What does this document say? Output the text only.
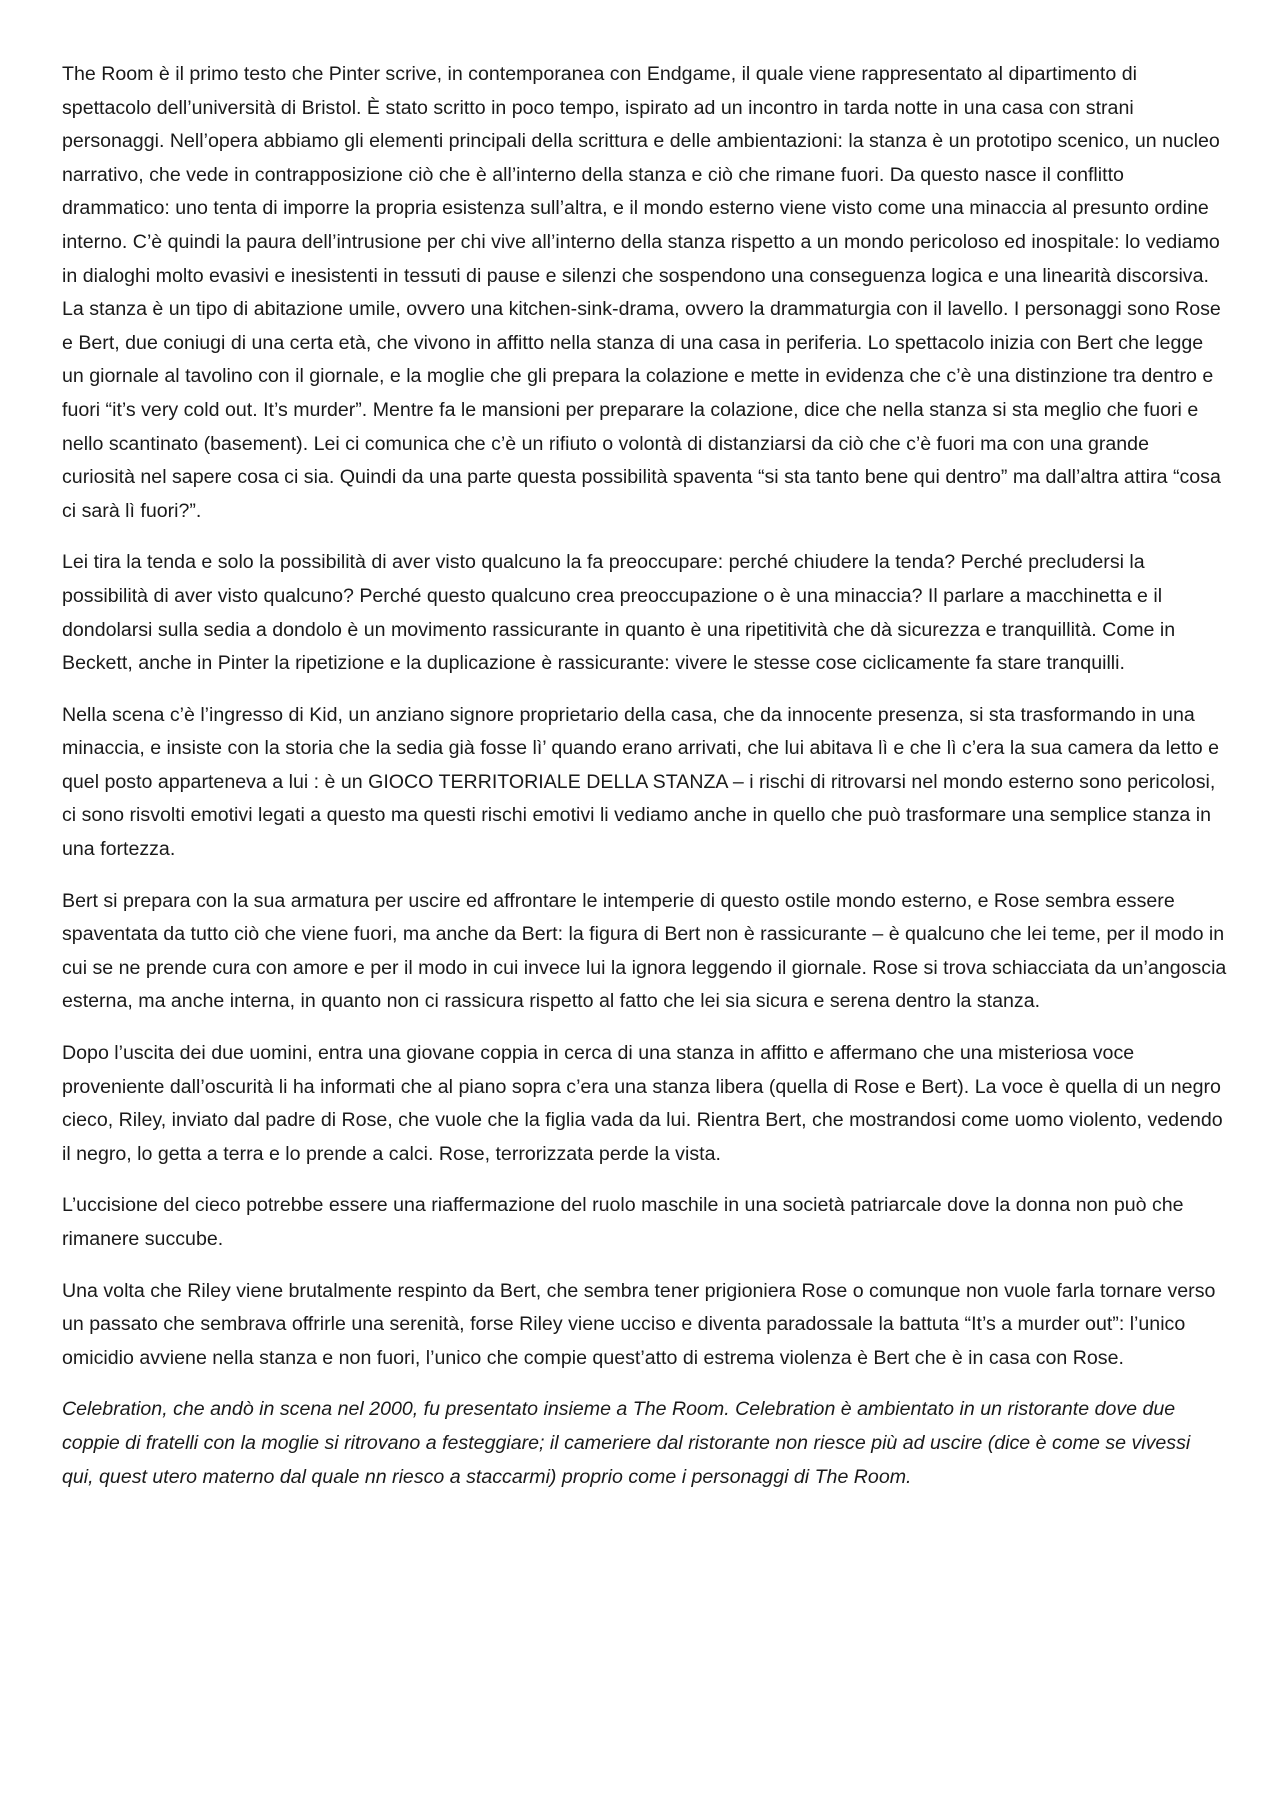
The Room è il primo testo che Pinter scrive, in contemporanea con Endgame, il quale viene rappresentato al dipartimento di spettacolo dell’università di Bristol. È stato scritto in poco tempo, ispirato ad un incontro in tarda notte in una casa con strani personaggi. Nell’opera abbiamo gli elementi principali della scrittura e delle ambientazioni: la stanza è un prototipo scenico, un nucleo narrativo, che vede in contrapposizione ciò che è all’interno della stanza e ciò che rimane fuori. Da questo nasce il conflitto drammatico: uno tenta di imporre la propria esistenza sull’altra, e il mondo esterno viene visto come una minaccia al presunto ordine interno. C’è quindi la paura dell’intrusione per chi vive all’interno della stanza rispetto a un mondo pericoloso ed inospitale: lo vediamo in dialoghi molto evasivi e inesistenti in tessuti di pause e silenzi che sospendono una conseguenza logica e una linearità discorsiva. La stanza è un tipo di abitazione umile, ovvero una kitchen-sink-drama, ovvero la drammaturgia con il lavello. I personaggi sono Rose e Bert, due coniugi di una certa età, che vivono in affitto nella stanza di una casa in periferia. Lo spettacolo inizia con Bert che legge un giornale al tavolino con il giornale, e la moglie che gli prepara la colazione e mette in evidenza che c’è una distinzione tra dentro e fuori “it’s very cold out. It’s murder”. Mentre fa le mansioni per preparare la colazione, dice che nella stanza si sta meglio che fuori e nello scantinato (basement). Lei ci comunica che c’è un rifiuto o volontà di distanziarsi da ciò che c’è fuori ma con una grande curiosità nel sapere cosa ci sia. Quindi da una parte questa possibilità spaventa “si sta tanto bene qui dentro” ma dall’altra attira “cosa ci sarà lì fuori?”.

Lei tira la tenda e solo la possibilità di aver visto qualcuno la fa preoccupare: perché chiudere la tenda? Perché precludersi la possibilità di aver visto qualcuno? Perché questo qualcuno crea preoccupazione o è una minaccia? Il parlare a macchinetta e il dondolarsi sulla sedia a dondolo è un movimento rassicurante in quanto è una ripetitività che dà sicurezza e tranquillità. Come in Beckett, anche in Pinter la ripetizione e la duplicazione è rassicurante: vivere le stesse cose ciclicamente fa stare tranquilli.

Nella scena c’è l’ingresso di Kid, un anziano signore proprietario della casa, che da innocente presenza, si sta trasformando in una minaccia, e insiste con la storia che la sedia già fosse lì’ quando erano arrivati, che lui abitava lì e che lì c’era la sua camera da letto e quel posto apparteneva a lui : è un GIOCO TERRITORIALE DELLA STANZA – i rischi di ritrovarsi nel mondo esterno sono pericolosi, ci sono risvolti emotivi legati a questo ma questi rischi emotivi li vediamo anche in quello che può trasformare una semplice stanza in una fortezza.

Bert si prepara con la sua armatura per uscire ed affrontare le intemperie di questo ostile mondo esterno, e Rose sembra essere spaventata da tutto ciò che viene fuori, ma anche da Bert: la figura di Bert non è rassicurante – è qualcuno che lei teme, per il modo in cui se ne prende cura con amore e per il modo in cui invece lui la ignora leggendo il giornale. Rose si trova schiacciata da un’angoscia esterna, ma anche interna, in quanto non ci rassicura rispetto al fatto che lei sia sicura e serena dentro la stanza.

Dopo l’uscita dei due uomini, entra una giovane coppia in cerca di una stanza in affitto e affermano che una misteriosa voce proveniente dall’oscurità li ha informati che al piano sopra c’era una stanza libera (quella di Rose e Bert). La voce è quella di un negro cieco, Riley, inviato dal padre di Rose, che vuole che la figlia vada da lui. Rientra Bert, che mostrandosi come uomo violento, vedendo il negro, lo getta a terra e lo prende a calci. Rose, terrorizzata perde la vista.

L’uccisione del cieco potrebbe essere una riaffermazione del ruolo maschile in una società patriarcale dove la donna non può che rimanere succube.

Una volta che Riley viene brutalmente respinto da Bert, che sembra tener prigioniera Rose o comunque non vuole farla tornare verso un passato che sembrava offrirle una serenità, forse Riley viene ucciso e diventa paradossale la battuta “It’s a murder out”: l’unico omicidio avviene nella stanza e non fuori, l’unico che compie quest’atto di estrema violenza è Bert che è in casa con Rose.

Celebration, che andò in scena nel 2000, fu presentato insieme a The Room. Celebration è ambientato in un ristorante dove due coppie di fratelli con la moglie si ritrovano a festeggiare; il cameriere dal ristorante non riesce più ad uscire (dice è come se vivessi qui, quest utero materno dal quale nn riesco a staccarmi) proprio come i personaggi di The Room.
